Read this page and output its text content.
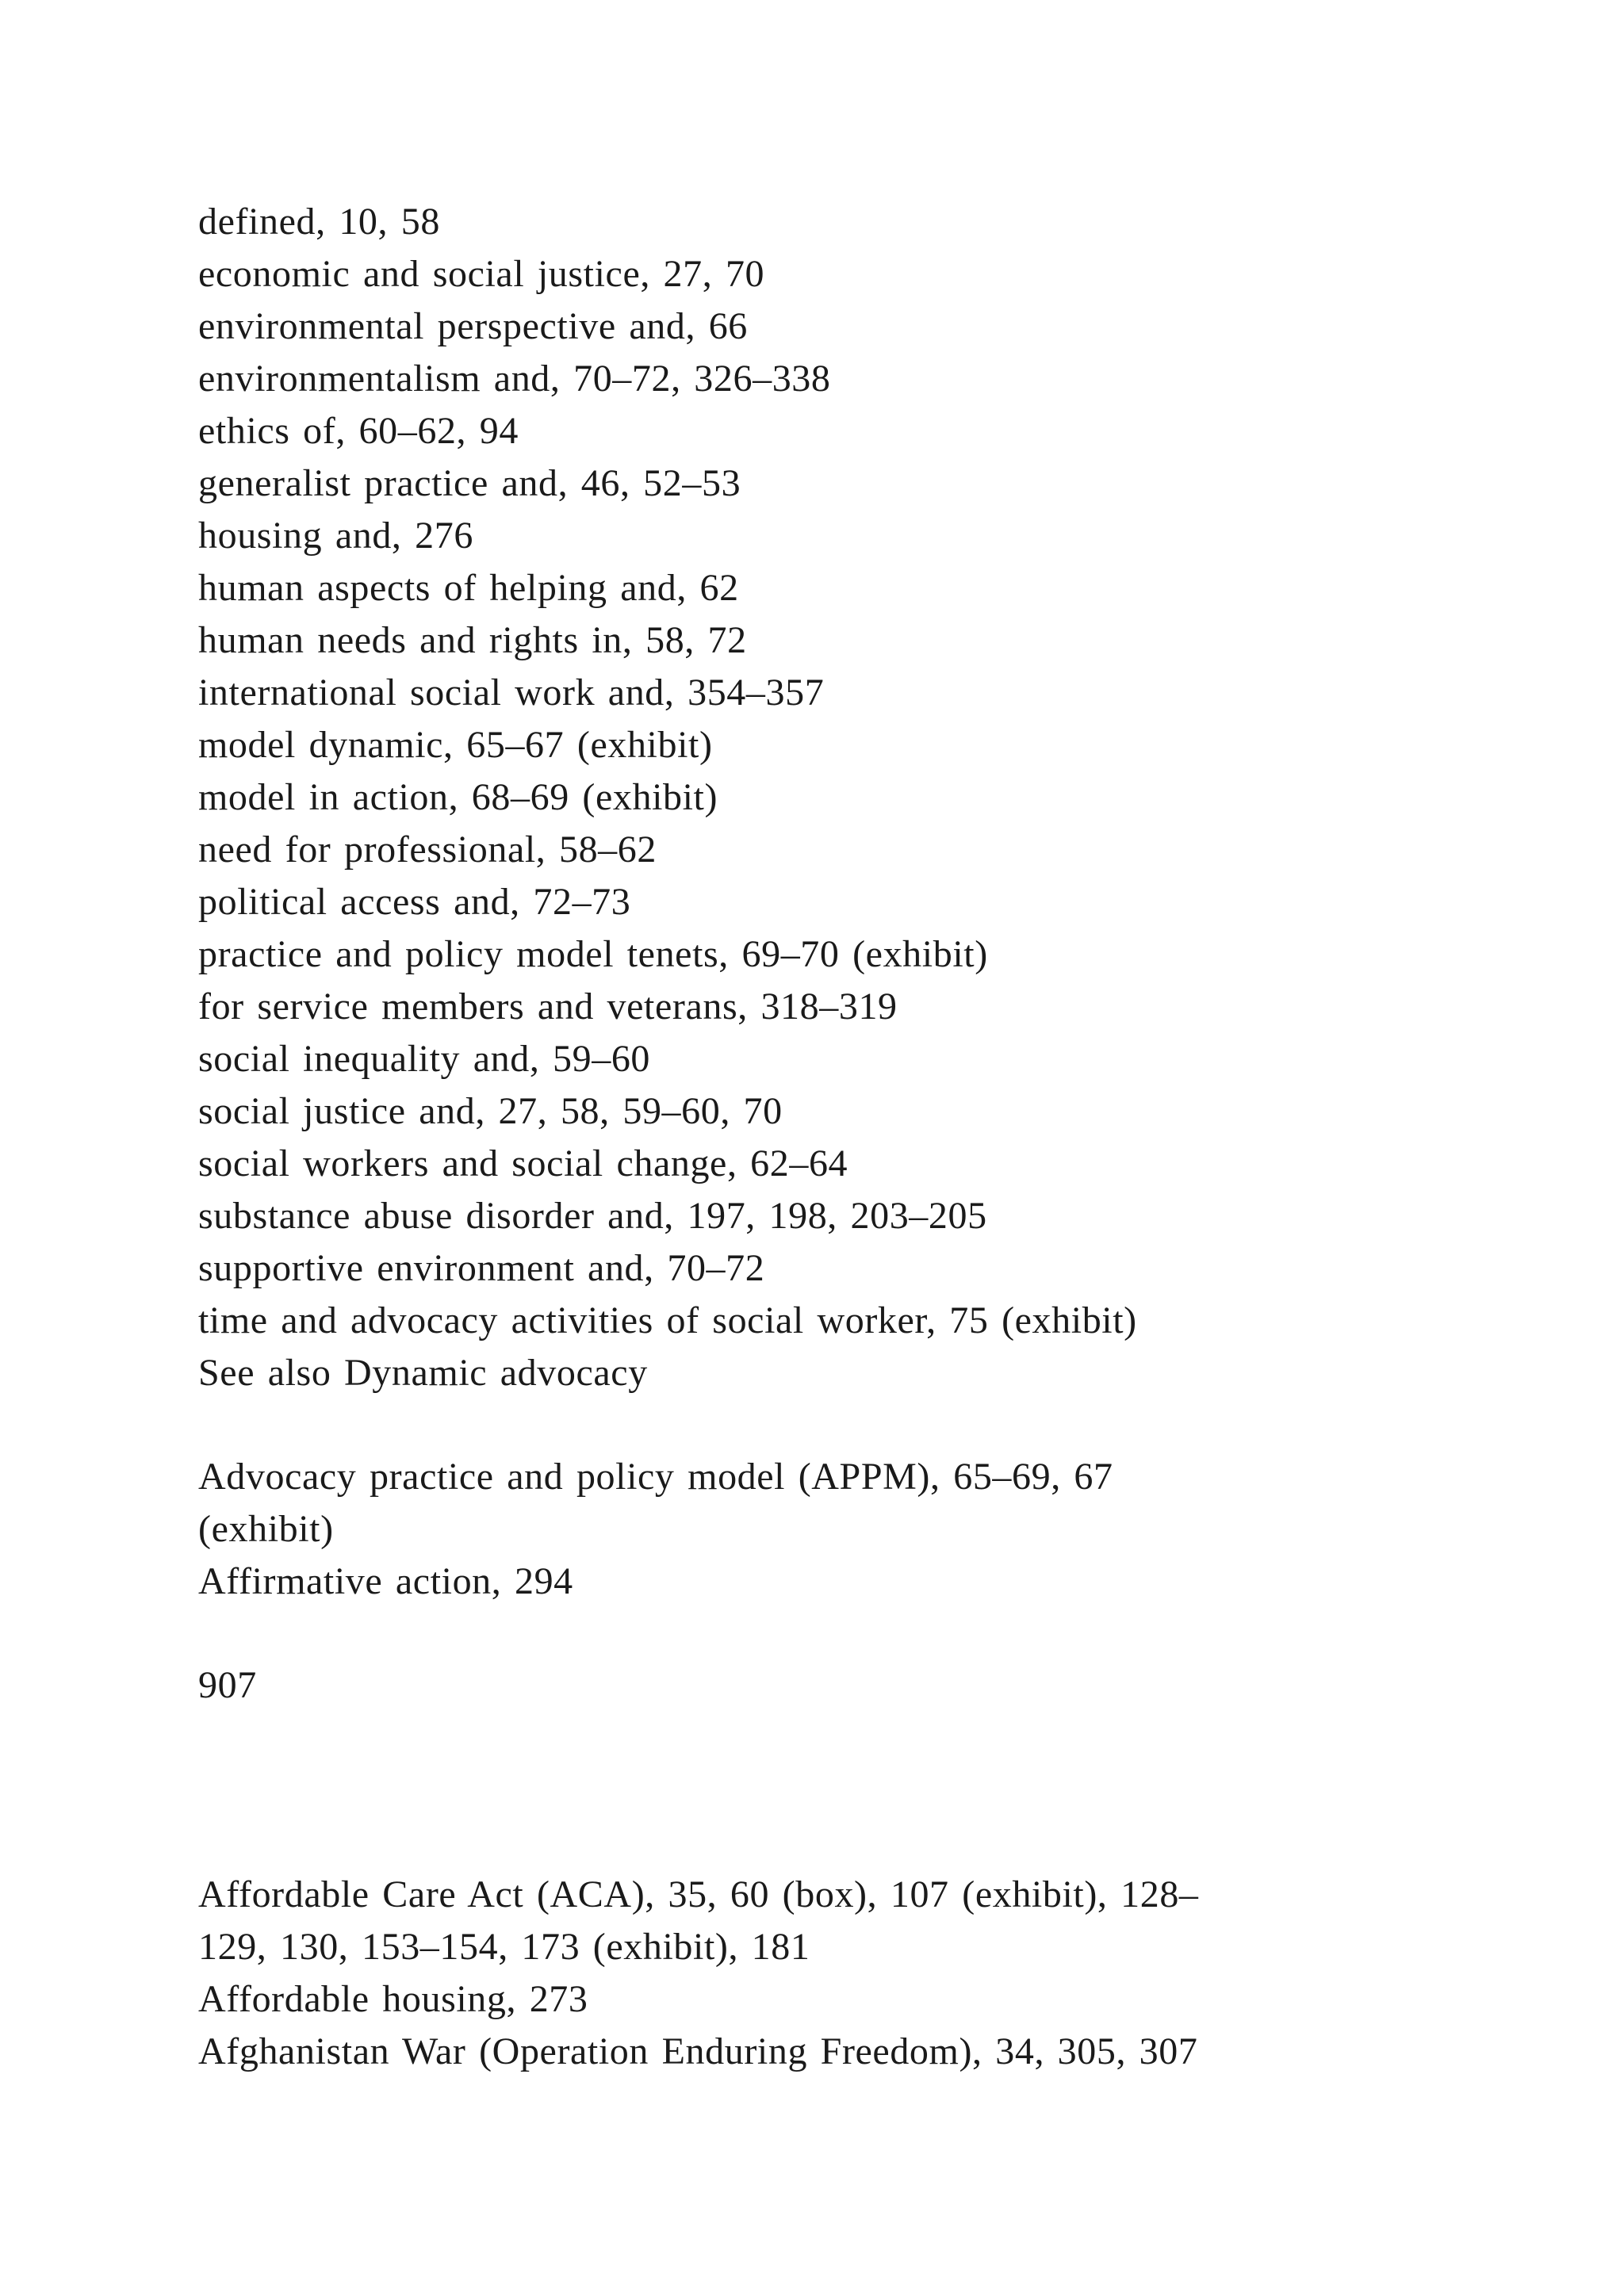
defined, 10, 58
economic and social justice, 27, 70
environmental perspective and, 66
environmentalism and, 70–72, 326–338
ethics of, 60–62, 94
generalist practice and, 46, 52–53
housing and, 276
human aspects of helping and, 62
human needs and rights in, 58, 72
international social work and, 354–357
model dynamic, 65–67 (exhibit)
model in action, 68–69 (exhibit)
need for professional, 58–62
political access and, 72–73
practice and policy model tenets, 69–70 (exhibit)
for service members and veterans, 318–319
social inequality and, 59–60
social justice and, 27, 58, 59–60, 70
social workers and social change, 62–64
substance abuse disorder and, 197, 198, 203–205
supportive environment and, 70–72
time and advocacy activities of social worker, 75 (exhibit)
See also Dynamic advocacy
Advocacy practice and policy model (APPM), 65–69, 67
(exhibit)
Affirmative action, 294
907
Affordable Care Act (ACA), 35, 60 (box), 107 (exhibit), 128–
129, 130, 153–154, 173 (exhibit), 181
Affordable housing, 273
Afghanistan War (Operation Enduring Freedom), 34, 305, 307
